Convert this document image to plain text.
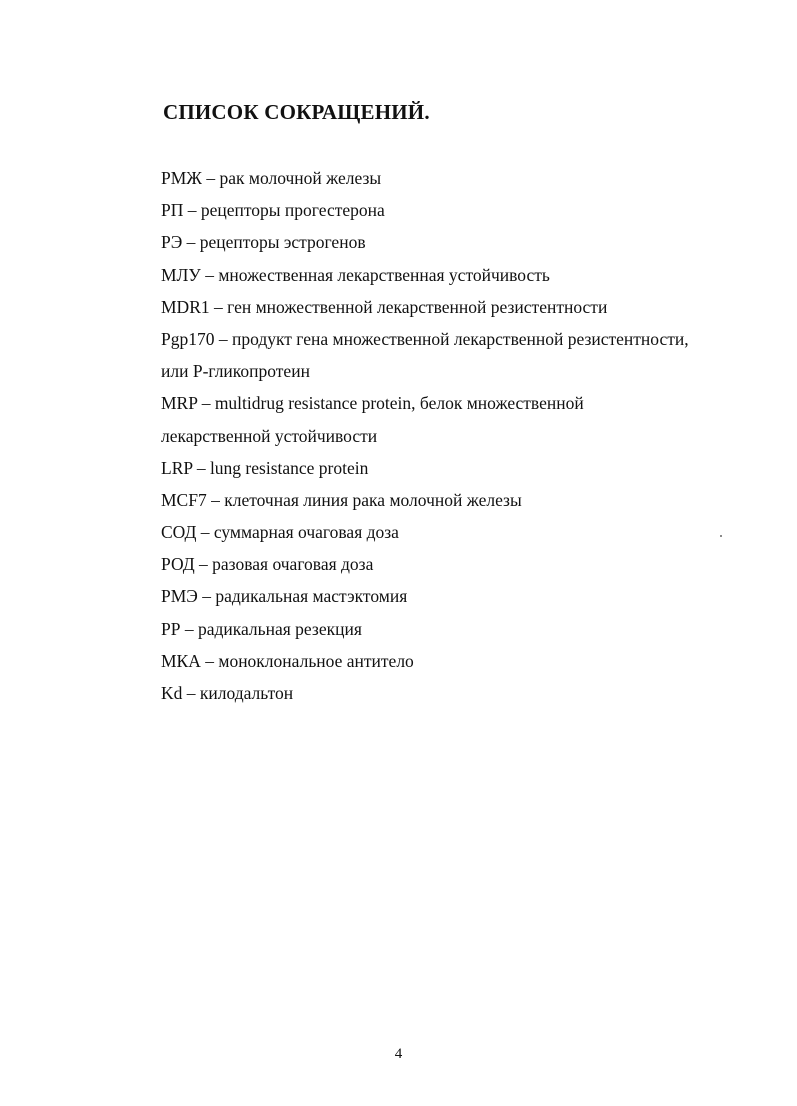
СПИСОК СОКРАЩЕНИЙ.
РМЖ – рак молочной железы
РП – рецепторы прогестерона
РЭ – рецепторы эстрогенов
МЛУ – множественная лекарственная устойчивость
MDR1 – ген множественной лекарственной резистентности
Pgp170 – продукт гена множественной лекарственной резистентности,
или Р-гликопротеин
MRP – multidrug resistance protein, белок множественной
лекарственной устойчивости
LRP – lung resistance protein
MCF7 – клеточная линия рака молочной железы
СОД – суммарная очаговая доза
РОД – разовая очаговая доза
РМЭ – радикальная мастэктомия
РР – радикальная резекция
МКА – моноклональное антитело
Kd – килодальтон

4
